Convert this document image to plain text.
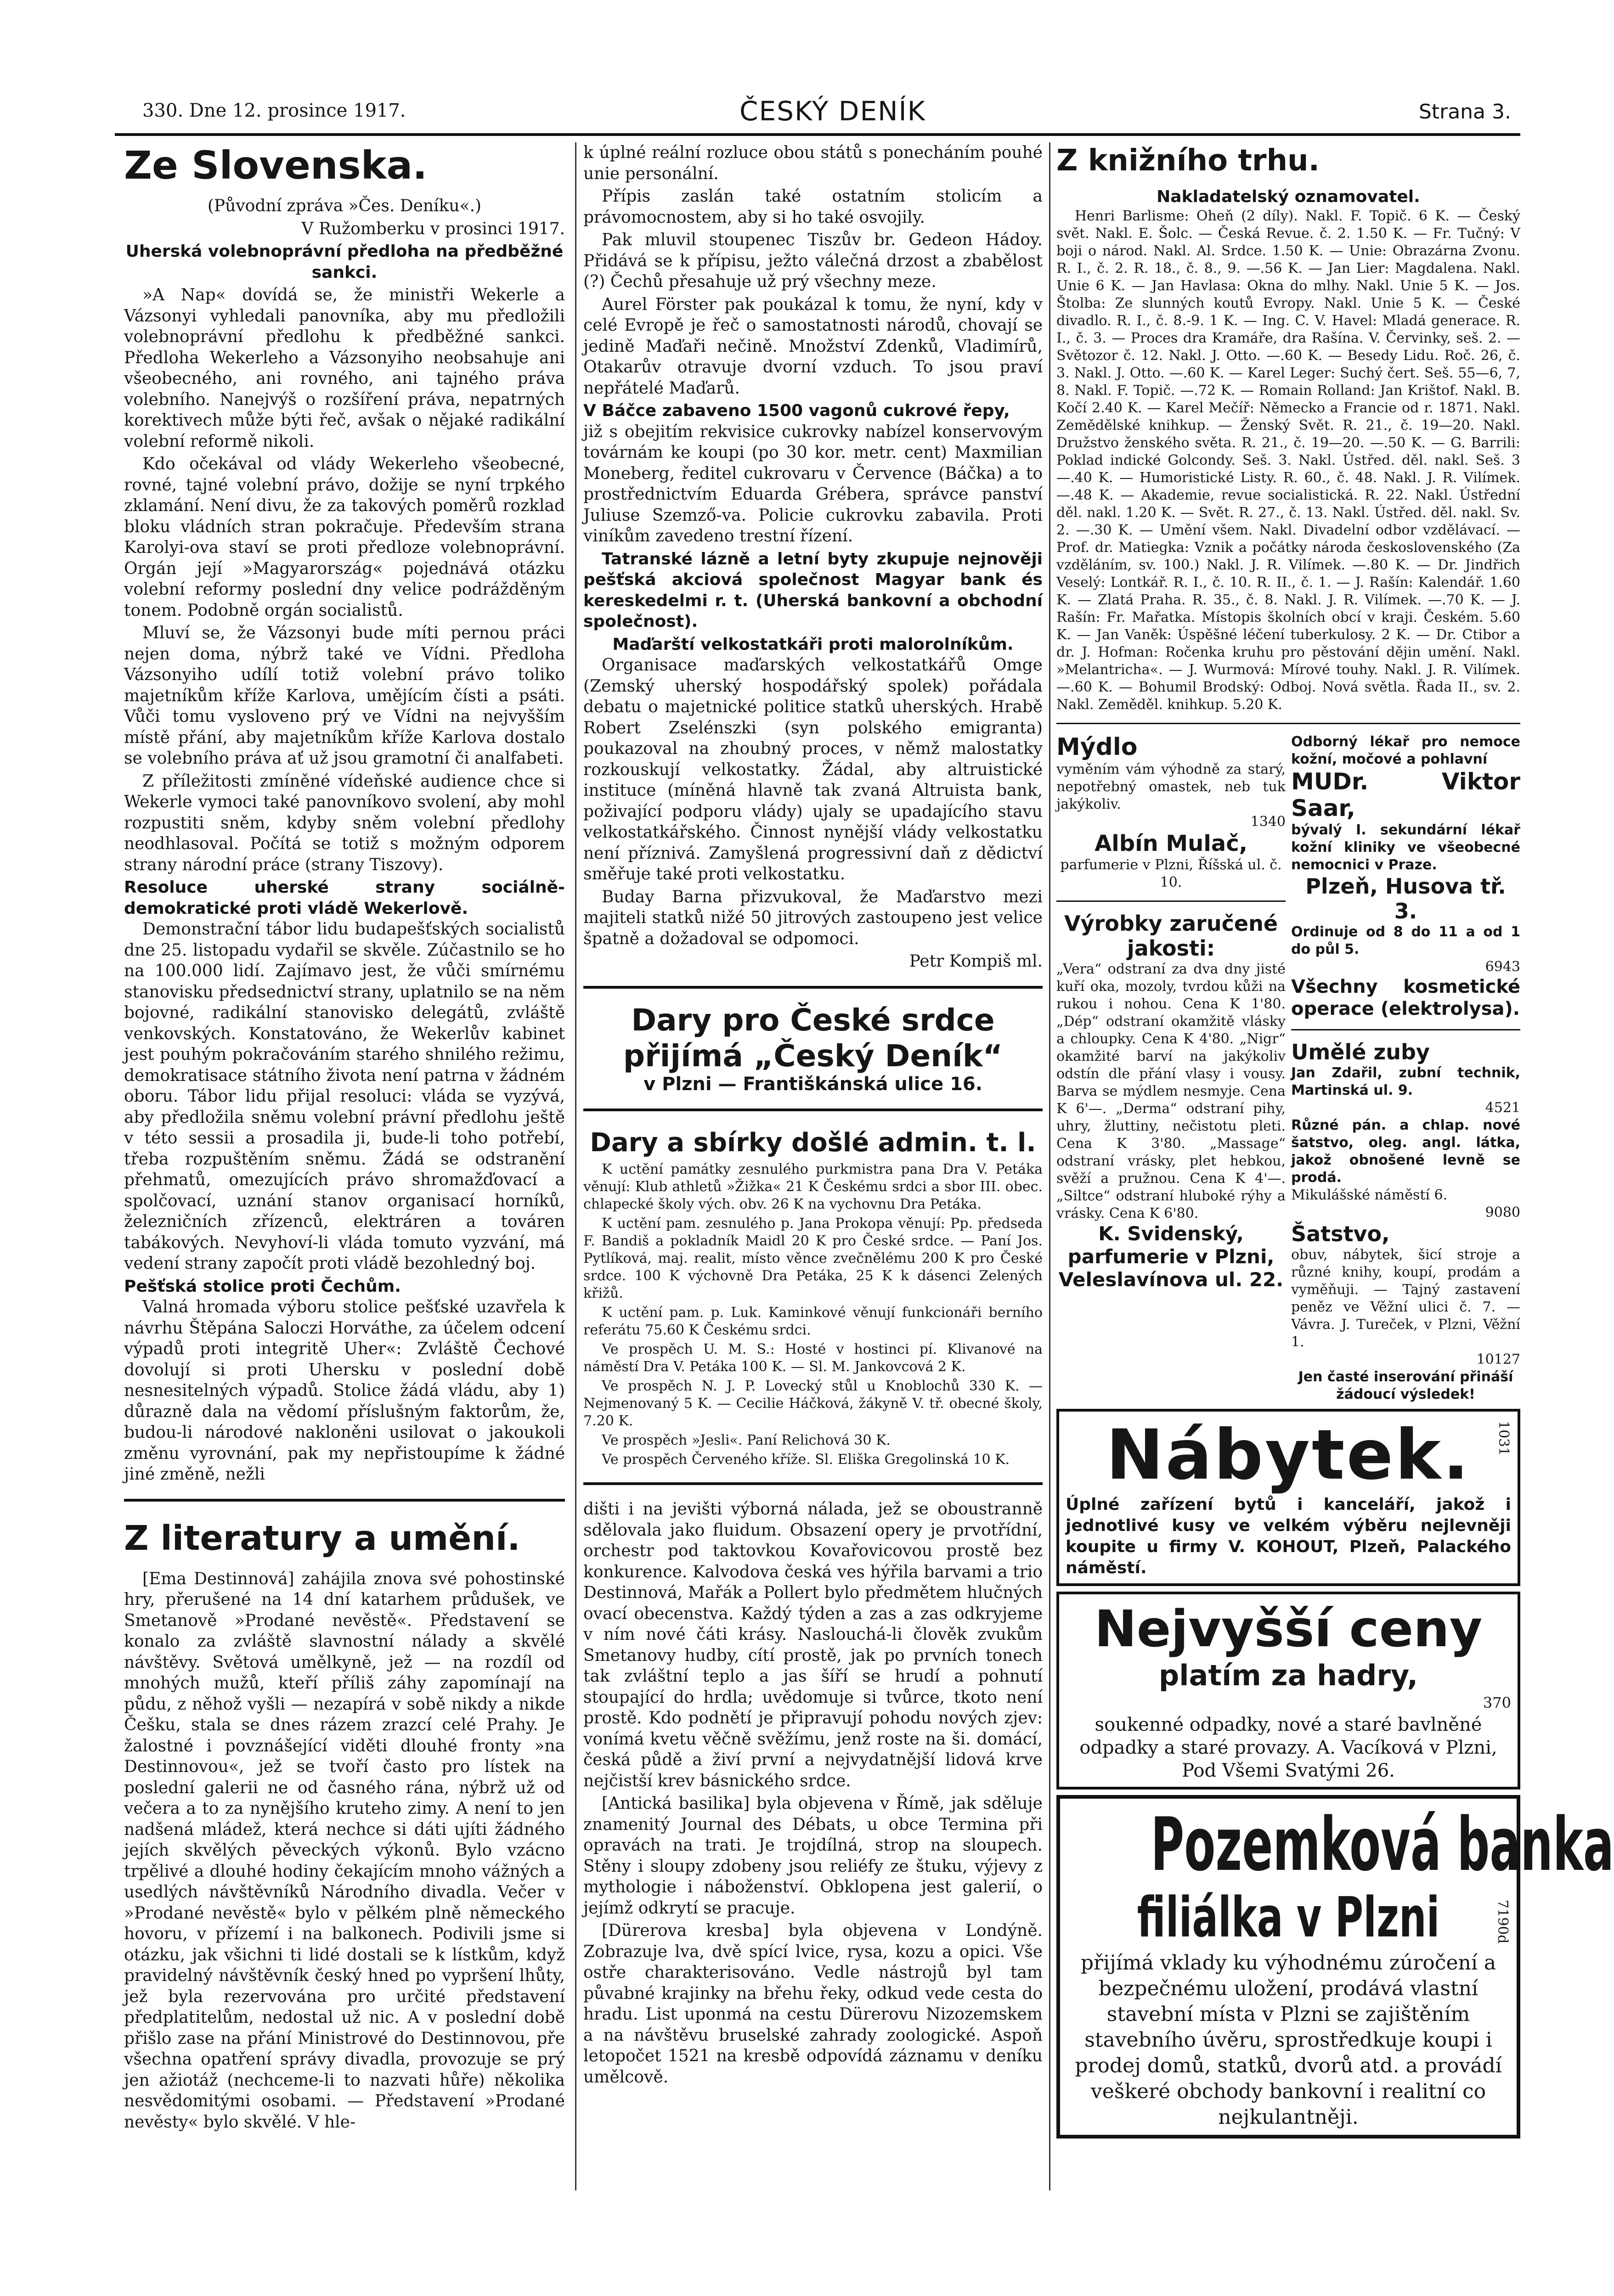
330. Dne 12. prosince 1917.	ČESKÝ DENÍK	Strana 3.
Ze Slovenska.
(Původní zpráva »Čes. Deníku«.)
V Ružomberku v prosinci 1917.
Uherská volebnoprávní předloha na předběžné sankci.

»A Nap« dovídá se, že ministři Wekerle a Vázsonyi vyhledali panovníka, aby mu předložili volebnoprávní předlohu k předběžné sankci. Předloha Wekerleho a Vázsonyiho neobsahuje ani všeobecného, ani rovného, ani tajného práva volebního. Nanejvýš o rozšíření práva, nepatrných korektivech může býti řeč, avšak o nějaké radikální volební reformě nikoli.

Kdo očekával od vlády Wekerleho všeobecné, rovné, tajné volební právo, dožije se nyní trpkého zklamání. Není divu, že za takových poměrů rozklad bloku vládních stran pokračuje. Především strana Karolyi-ova staví se proti předloze volebnoprávní. Orgán její »Magyarország« pojednává otázku volební reformy poslední dny velice podrážděným tonem. Podobně orgán socialistů.

Mluví se, že Vázsonyi bude míti pernou práci nejen doma, nýbrž také ve Vídni. Předloha Vázsonyiho udílí totiž volební právo toliko majetníkům kříže Karlova, umějícím čísti a psáti. Vůči tomu vysloveno prý ve Vídni na nejvyšším místě přání, aby majetníkům kříže Karlova dostalo se volebního práva ať už jsou gramotní či analfabeti.

Z příležitosti zmíněné vídeňské audience chce si Wekerle vymoci také panovníkovo svolení, aby mohl rozpustiti sněm, kdyby sněm volební předlohy neodhlasoval. Počítá se totiž s možným odporem strany národní práce (strany Tiszovy).

Resoluce uherské strany sociálně-demokratické proti vládě Wekerlově.

Demonstrační tábor lidu budapešťských socialistů dne 25. listopadu vydařil se skvěle. Zúčastnilo se ho na 100.000 lidí. Zajímavo jest, že vůči smírnému stanovisku předsednictví strany, uplatnilo se na něm bojovné, radikální stanovisko delegátů, zvláště venkovských. Konstatováno, že Wekerlův kabinet jest pouhým pokračováním starého shnilého režimu, demokratisace státního života není patrna v žádném oboru. Tábor lidu přijal resoluci: vláda se vyzývá, aby předložila sněmu volební právní předlohu ještě v této sessii a prosadila ji, bude-li toho potřebí, třeba rozpuštěním sněmu. Žádá se odstranění přehmatů, omezujících právo shromažďovací a spolčovací, uznání stanov organisací horníků, železničních zřízenců, elektráren a továren tabákových. Nevyhoví-li vláda tomuto vyzvání, má vedení strany započít proti vládě bezohledný boj.

Pešťská stolice proti Čechům.

Valná hromada výboru stolice pešťské uzavřela k návrhu Štěpána Saloczi Horváthe, za účelem odcení výpadů proti integritě Uher«: Zvláště Čechové dovolují si proti Uhersku v poslední době nesnesitelných výpadů. Stolice žádá vládu, aby 1) důrazně dala na vědomí příslušným faktorům, že, budou-li národové nakloněni usilovat o jakoukoli změnu vyrovnání, pak my nepřistoupíme k žádné jiné změně, nežli

Z literatury a umění.

[Ema Destinnová] zahájila znova své pohostinské hry, přerušené na 14 dní katarhem průdušek, ve Smetanově »Prodané nevěstě«. Představení se konalo za zvláště slavnostní nálady a skvělé návštěvy. Světová umělkyně, jež — na rozdíl od mnohých mužů, kteří příliš záhy zapomínají na půdu, z něhož vyšli — nezapírá v sobě nikdy a nikde Češku, stala se dnes rázem zrazcí celé Prahy. Je žalostné i povznášející viděti dlouhé fronty »na Destinnovou«, jež se tvoří často pro lístek na poslední galerii ne od časného rána, nýbrž už od večera a to za nynějšího kruteho zimy. A není to jen nadšená mládež, která nechce si dáti ujíti žádného jejích skvělých pěveckých výkonů. Bylo vzácno trpělivé a dlouhé hodiny čekajícím mnoho vážných a usedlých návštěvníků Národního divadla. Večer v »Prodané nevěstě« bylo v pělkém plně německého hovoru, v přízemí i na balkonech. Podivili jsme si otázku, jak všichni ti lidé dostali se k lístkům, když pravidelný návštěvník český hned po vypršení lhůty, jež byla rezervována pro určité představení předplatitelům, nedostal už nic. A v poslední době přišlo zase na přání Ministrové do Destinnovou, pře všechna opatření správy divadla, provozuje se prý jen ažiotáž (nechceme-li to nazvati hůře) několika nesvědomitými osobami. — Představení »Prodané nevěsty« bylo skvělé. V hle-

k úplné reální rozluce obou států s ponecháním pouhé unie personální.

Přípis zaslán také ostatním stolicím a právomocnostem, aby si ho také osvojily.

Pak mluvil stoupenec Tiszův br. Gedeon Hádoy. Přidává se k přípisu, ježto válečná drzost a zbabělost (?) Čechů přesahuje už prý všechny meze.

Aurel Förster pak poukázal k tomu, že nyní, kdy v celé Evropě je řeč o samostatnosti národů, chovají se jedině Maďaři nečině. Množství Zdenků, Vladimírů, Otakarův otravuje dvorní vzduch. To jsou praví nepřátelé Maďarů.

V Báčce zabaveno 1500 vagonů cukrové řepy,

již s obejitím rekvisice cukrovky nabízel konservovým továrnám ke koupi (po 30 kor. metr. cent) Maxmilian Moneberg, ředitel cukrovaru v Července (Báčka) a to prostřednictvím Eduarda Grébera, správce panství Juliuse Szemző-va. Policie cukrovku zabavila. Proti viníkům zavedeno trestní řízení.

Tatranské lázně a letní byty zkupuje nejnověji pešťská akciová společnost Magyar bank és kereskedelmi r. t. (Uherská bankovní a obchodní společnost).

Maďarští velkostatkáři proti malorolníkům.

Organisace maďarských velkostatkářů Omge (Zemský uherský hospodářský spolek) pořádala debatu o majetnické politice statků uherských. Hrabě Robert Zselénszki (syn polského emigranta) poukazoval na zhoubný proces, v němž malostatky rozkouskují velkostatky. Žádal, aby altruistické instituce (míněná hlavně tak zvaná Altruista bank, poživající podporu vlády) ujaly se upadajícího stavu velkostatkářského. Činnost nynější vlády velkostatku není příznivá. Zamyšlená progressivní daň z dědictví směřuje také proti velkostatku.

Buday Barna přizvukoval, že Maďarstvo mezi majiteli statků nižé 50 jitrových zastoupeno jest velice špatně a dožadoval se odpomoci.

Petr Kompiš ml.
Dary pro České srdce
přijímá „Český Deník“
v Plzni — Františkánská ulice 16.
Dary a sbírky došlé admin. t. l.

K uctění památky zesnulého purkmistra pana Dra V. Petáka věnují: Klub athletů »Žižka« 21 K Českému srdci a sbor III. obec. chlapecké školy vých. obv. 26 K na vychovnu Dra Petáka.

K uctění pam. zesnulého p. Jana Prokopa věnují: Pp. předseda F. Bandiš a pokladník Maidl 20 K pro České srdce. — Paní Jos. Pytlíková, maj. realit, místo věnce zvečnělému 200 K pro České srdce. 100 K výchovně Dra Petáka, 25 K k dásenci Zelených křižů.

K uctění pam. p. Luk. Kaminkové věnují funkcionáři berního referátu 75.60 K Českému srdci.

Ve prospěch U. M. S.: Hosté v hostinci pí. Klivanové na náměstí Dra V. Petáka 100 K. — Sl. M. Jankovcová 2 K.

Ve prospěch N. J. P. Lovecký stůl u Knoblochů 330 K. — Nejmenovaný 5 K. — Cecilie Háčková, žákyně V. tř. obecné školy, 7.20 K.

Ve prospěch »Jesli«. Paní Relichová 30 K.

Ve prospěch Červeného kříže. Sl. Eliška Gregolinská 10 K.

dišti i na jevišti výborná nálada, jež se oboustranně sdělovala jako fluidum. Obsazení opery je prvotřídní, orchestr pod taktovkou Kovařovicovou prostě bez konkurence. Kalvodova česká ves hýřila barvami a trio Destinnová, Mařák a Pollert bylo předmětem hlučných ovací obecenstva. Každý týden a zas a zas odkryjeme v ním nové čáti krásy. Naslouchá-li člověk zvukům Smetanovy hudby, cítí prostě, jak po prvních tonech tak zvláštní teplo a jas šíří se hrudí a pohnutí stoupající do hrdla; uvědomuje si tvůrce, tkoto není prostě. Kdo podnětí je připravují pohodu nových zjev: vonímá kvetu věčně svěžímu, jenž roste na ši. domácí, česká půdě a živí první a nejvydatnější lidová krve nejčistší krev básnického srdce.

[Antická basilika] byla objevena v Římě, jak sděluje znamenitý Journal des Débats, u obce Termina při opravách na trati. Je trojdílná, strop na sloupech. Stěny i sloupy zdobeny jsou reliéfy ze štuku, výjevy z mythologie i náboženství. Obklopena jest galerií, o jejímž odkrytí se pracuje.

[Dürerova kresba] byla objevena v Londýně. Zobrazuje lva, dvě spící lvice, rysa, kozu a opici. Vše ostře charakterisováno. Vedle nástrojů byl tam půvabné krajinky na břehu řeky, odkud vede cesta do hradu. List uponmá na cestu Dürerovu Nizozemskem a na návštěvu bruselské zahrady zoologické. Aspoň letopočet 1521 na kresbě odpovídá záznamu v deníku umělcově.

Z knižního trhu.
Nakladatelský oznamovatel.

Henri Barlisme: Oheň (2 díly). Nakl. F. Topič. 6 K. — Český svět. Nakl. E. Šolc. — Česká Revue. č. 2. 1.50 K. — Fr. Tučný: V boji o národ. Nakl. Al. Srdce. 1.50 K. — Unie: Obrazárna Zvonu. R. I., č. 2. R. 18., č. 8., 9. —.56 K. — Jan Lier: Magdalena. Nakl. Unie 6 K. — Jan Havlasa: Okna do mlhy. Nakl. Unie 5 K. — Jos. Štolba: Ze slunných koutů Evropy. Nakl. Unie 5 K. — České divadlo. R. I., č. 8.-9. 1 K. — Ing. C. V. Havel: Mladá generace. R. I., č. 3. — Proces dra Kramáře, dra Rašína. V. Červinky, seš. 2. — Světozor č. 12. Nakl. J. Otto. —.60 K. — Besedy Lidu. Roč. 26, č. 3. Nakl. J. Otto. —.60 K. — Karel Leger: Suchý čert. Seš. 55—6, 7, 8. Nakl. F. Topič. —.72 K. — Romain Rolland: Jan Krištof. Nakl. B. Kočí 2.40 K. — Karel Mečíř: Německo a Francie od r. 1871. Nakl. Zemědělské knihkup. — Ženský Svět. R. 21., č. 19—20. Nakl. Družstvo ženského světa. R. 21., č. 19—20. —.50 K. — G. Barrili: Poklad indické Golcondy. Seš. 3. Nakl. Ústřed. děl. nakl. Seš. 3 —.40 K. — Humoristické Listy. R. 60., č. 48. Nakl. J. R. Vilímek. —.48 K. — Akademie, revue socialistická. R. 22. Nakl. Ústřední děl. nakl. 1.20 K. — Svět. R. 27., č. 13. Nakl. Ústřed. děl. nakl. Sv. 2. —.30 K. — Umění všem. Nakl. Divadelní odbor vzdělávací. — Prof. dr. Matiegka: Vznik a počátky národa československého (Za vzděláním, sv. 100.) Nakl. J. R. Vilímek. —.80 K. — Dr. Jindřich Veselý: Lontkář. R. I., č. 10. R. II., č. 1. — J. Rašín: Kalendář. 1.60 K. — Zlatá Praha. R. 35., č. 8. Nakl. J. R. Vilímek. —.70 K. — J. Rašín: Fr. Mařatka. Místopis školních obcí v kraji. Českém. 5.60 K. — Jan Vaněk: Úspěšné léčení tuberkulosy. 2 K. — Dr. Ctibor a dr. J. Hofman: Ročenka kruhu pro pěstování dějin umění. Nakl. »Melantricha«. — J. Wurmová: Mírové touhy. Nakl. J. R. Vilímek. —.60 K. — Bohumil Brodský: Odboj. Nová světla. Řada II., sv. 2. Nakl. Zeměděl. knihkup. 5.20 K.

Mýdlo
vyměním vám výhodně za starý, nepotřebný omastek, neb tuk jakýkoliv.
1340
Albín Mulač,
parfumerie v Plzni, Říšská ul. č. 10.
Výrobky zaručené jakosti:
„Vera“ odstraní za dva dny jisté kuří oka, mozoly, tvrdou kůži na rukou i nohou. Cena K 1'80. „Dép“ odstraní okamžitě vlásky a chloupky. Cena K 4'80. „Nigr“ okamžité barví na jakýkoliv odstín dle přání vlasy i vousy. Barva se mýdlem nesmyje. Cena K 6'—. „Derma“ odstraní pihy, uhry, žluttiny, nečistotu pleti. Cena K 3'80. „Massage“ odstraní vrásky, plet hebkou, svěží a pružnou. Cena K 4'—. „Siltce“ odstraní hluboké rýhy a vrásky. Cena K 6'80.
K. Svidenský, parfumerie v Plzni, Veleslavínova ul. 22.
Odborný lékař pro nemoce kožní, močové a pohlavní
MUDr. Viktor Saar,
bývalý I. sekundární lékař kožní kliniky ve všeobecné nemocnici v Praze.
Plzeň, Husova tř. 3.
Ordinuje od 8 do 11 a od 1 do půl 5.
6943
Všechny kosmetické operace (elektrolysa).
Umělé zuby
Jan Zdařil, zubní technik, Martinská ul. 9.
4521
Různé pán. a chlap. nové šatstvo, oleg. angl. látka, jakož obnošené levně se prodá.
Mikulášské náměstí 6.
9080
Šatstvo,
obuv, nábytek, šicí stroje a různé knihy, koupí, prodám a vyměňuji. — Tajný zastavení peněz ve Věžní ulici č. 7. — Vávra. J. Tureček, v Plzni, Věžní 1.
10127
Jen časté inserování přináší žádoucí výsledek!
Nábytek.
Úplné zařízení bytů i kanceláří, jakož i jednotlivé kusy ve velkém výběru nejlevněji koupite u firmy V. KOHOUT, Plzeň, Palackého náměstí.
1031
Nejvyšší ceny
platím za hadry,
370
soukenné odpadky, nové a staré bavlněné odpadky a staré provazy. A. Vacíková v Plzni, Pod Všemi Svatými 26.
Pozemková banka
filiálka v Plzni	7190d
přijímá vklady ku výhodnému zúročení a bezpečnému uložení, prodává vlastní stavební místa v Plzni se zajištěním stavebního úvěru, sprostředkuje koupi i prodej domů, statků, dvorů atd. a provádí veškeré obchody bankovní i realitní co nejkulantněji.
